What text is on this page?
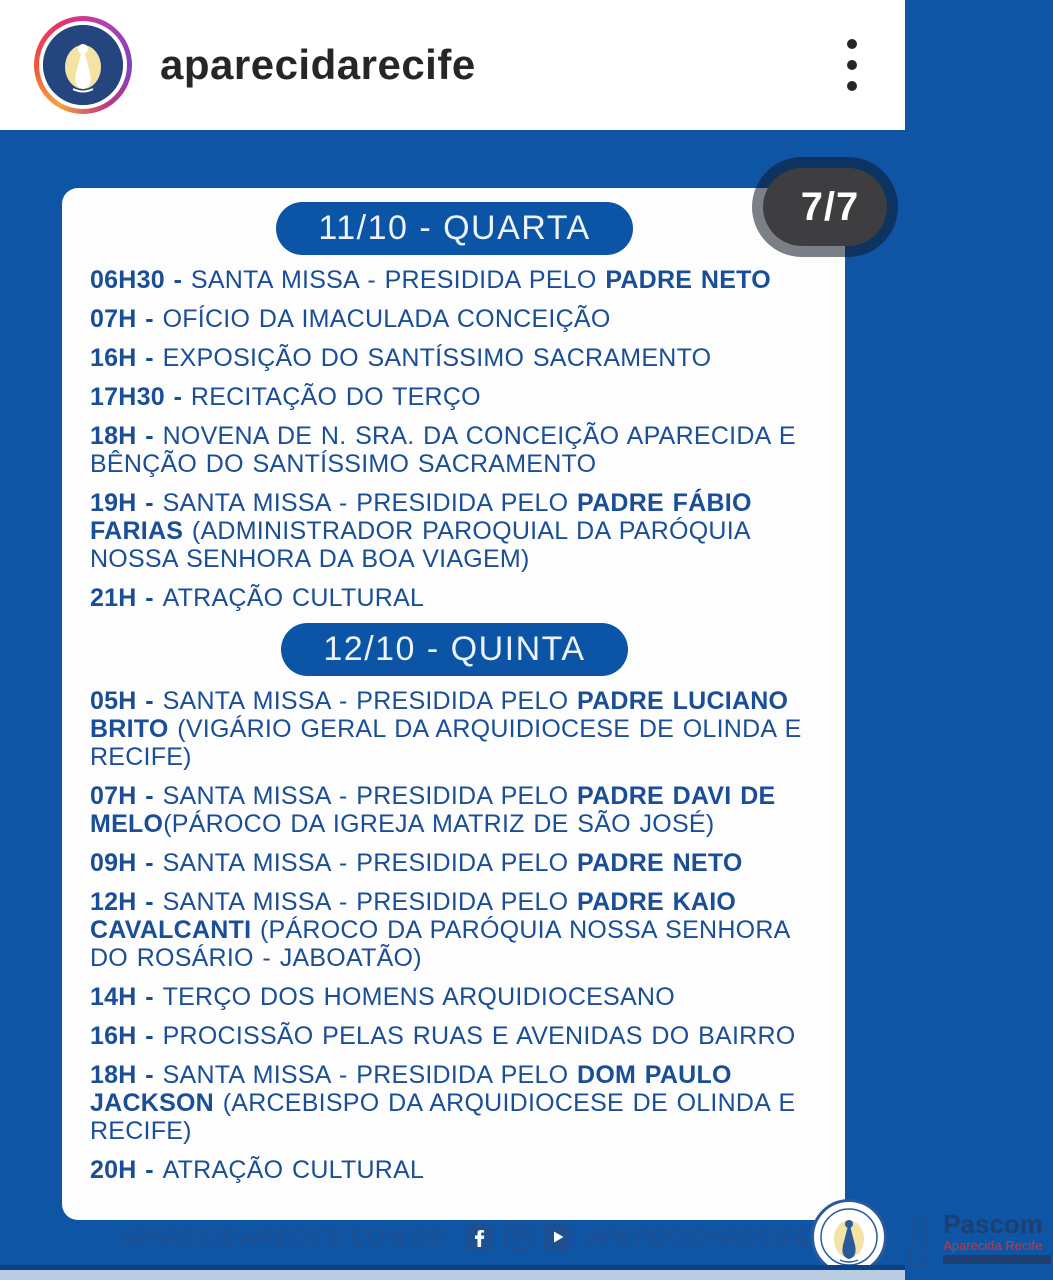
aparecidarecife
7/7
11/10 - QUARTA

06H30 - SANTA MISSA - PRESIDIDA PELO PADRE NETO

07H - OFÍCIO DA IMACULADA CONCEIÇÃO

16H - EXPOSIÇÃO DO SANTÍSSIMO SACRAMENTO

17H30 - RECITAÇÃO DO TERÇO

18H - NOVENA DE N. SRA. DA CONCEIÇÃO APARECIDA E BÊNÇÃO DO SANTÍSSIMO SACRAMENTO

19H - SANTA MISSA - PRESIDIDA PELO PADRE FÁBIO FARIAS (ADMINISTRADOR PAROQUIAL DA PARÓQUIA NOSSA SENHORA DA BOA VIAGEM)

21H - ATRAÇÃO CULTURAL

12/10 - QUINTA

05H - SANTA MISSA - PRESIDIDA PELO PADRE LUCIANO BRITO (VIGÁRIO GERAL DA ARQUIDIOCESE DE OLINDA E RECIFE)

07H - SANTA MISSA - PRESIDIDA PELO PADRE DAVI DE MELO(PÁROCO DA IGREJA MATRIZ DE SÃO JOSÉ)

09H - SANTA MISSA - PRESIDIDA PELO PADRE NETO

12H - SANTA MISSA - PRESIDIDA PELO PADRE KAIO CAVALCANTI (PÁROCO DA PARÓQUIA NOSSA SENHORA DO ROSÁRIO - JABOATÃO)

14H - TERÇO DOS HOMENS ARQUIDIOCESANO

16H - PROCISSÃO PELAS RUAS E AVENIDAS DO BAIRRO

18H - SANTA MISSA - PRESIDIDA PELO DOM PAULO JACKSON (ARCEBISPO DA ARQUIDIOCESE DE OLINDA E RECIFE)

20H - ATRAÇÃO CULTURAL

APARECIDARECIFE.COM.BR	APARECIDARECIFE	Pascom
Aparecida Recife
